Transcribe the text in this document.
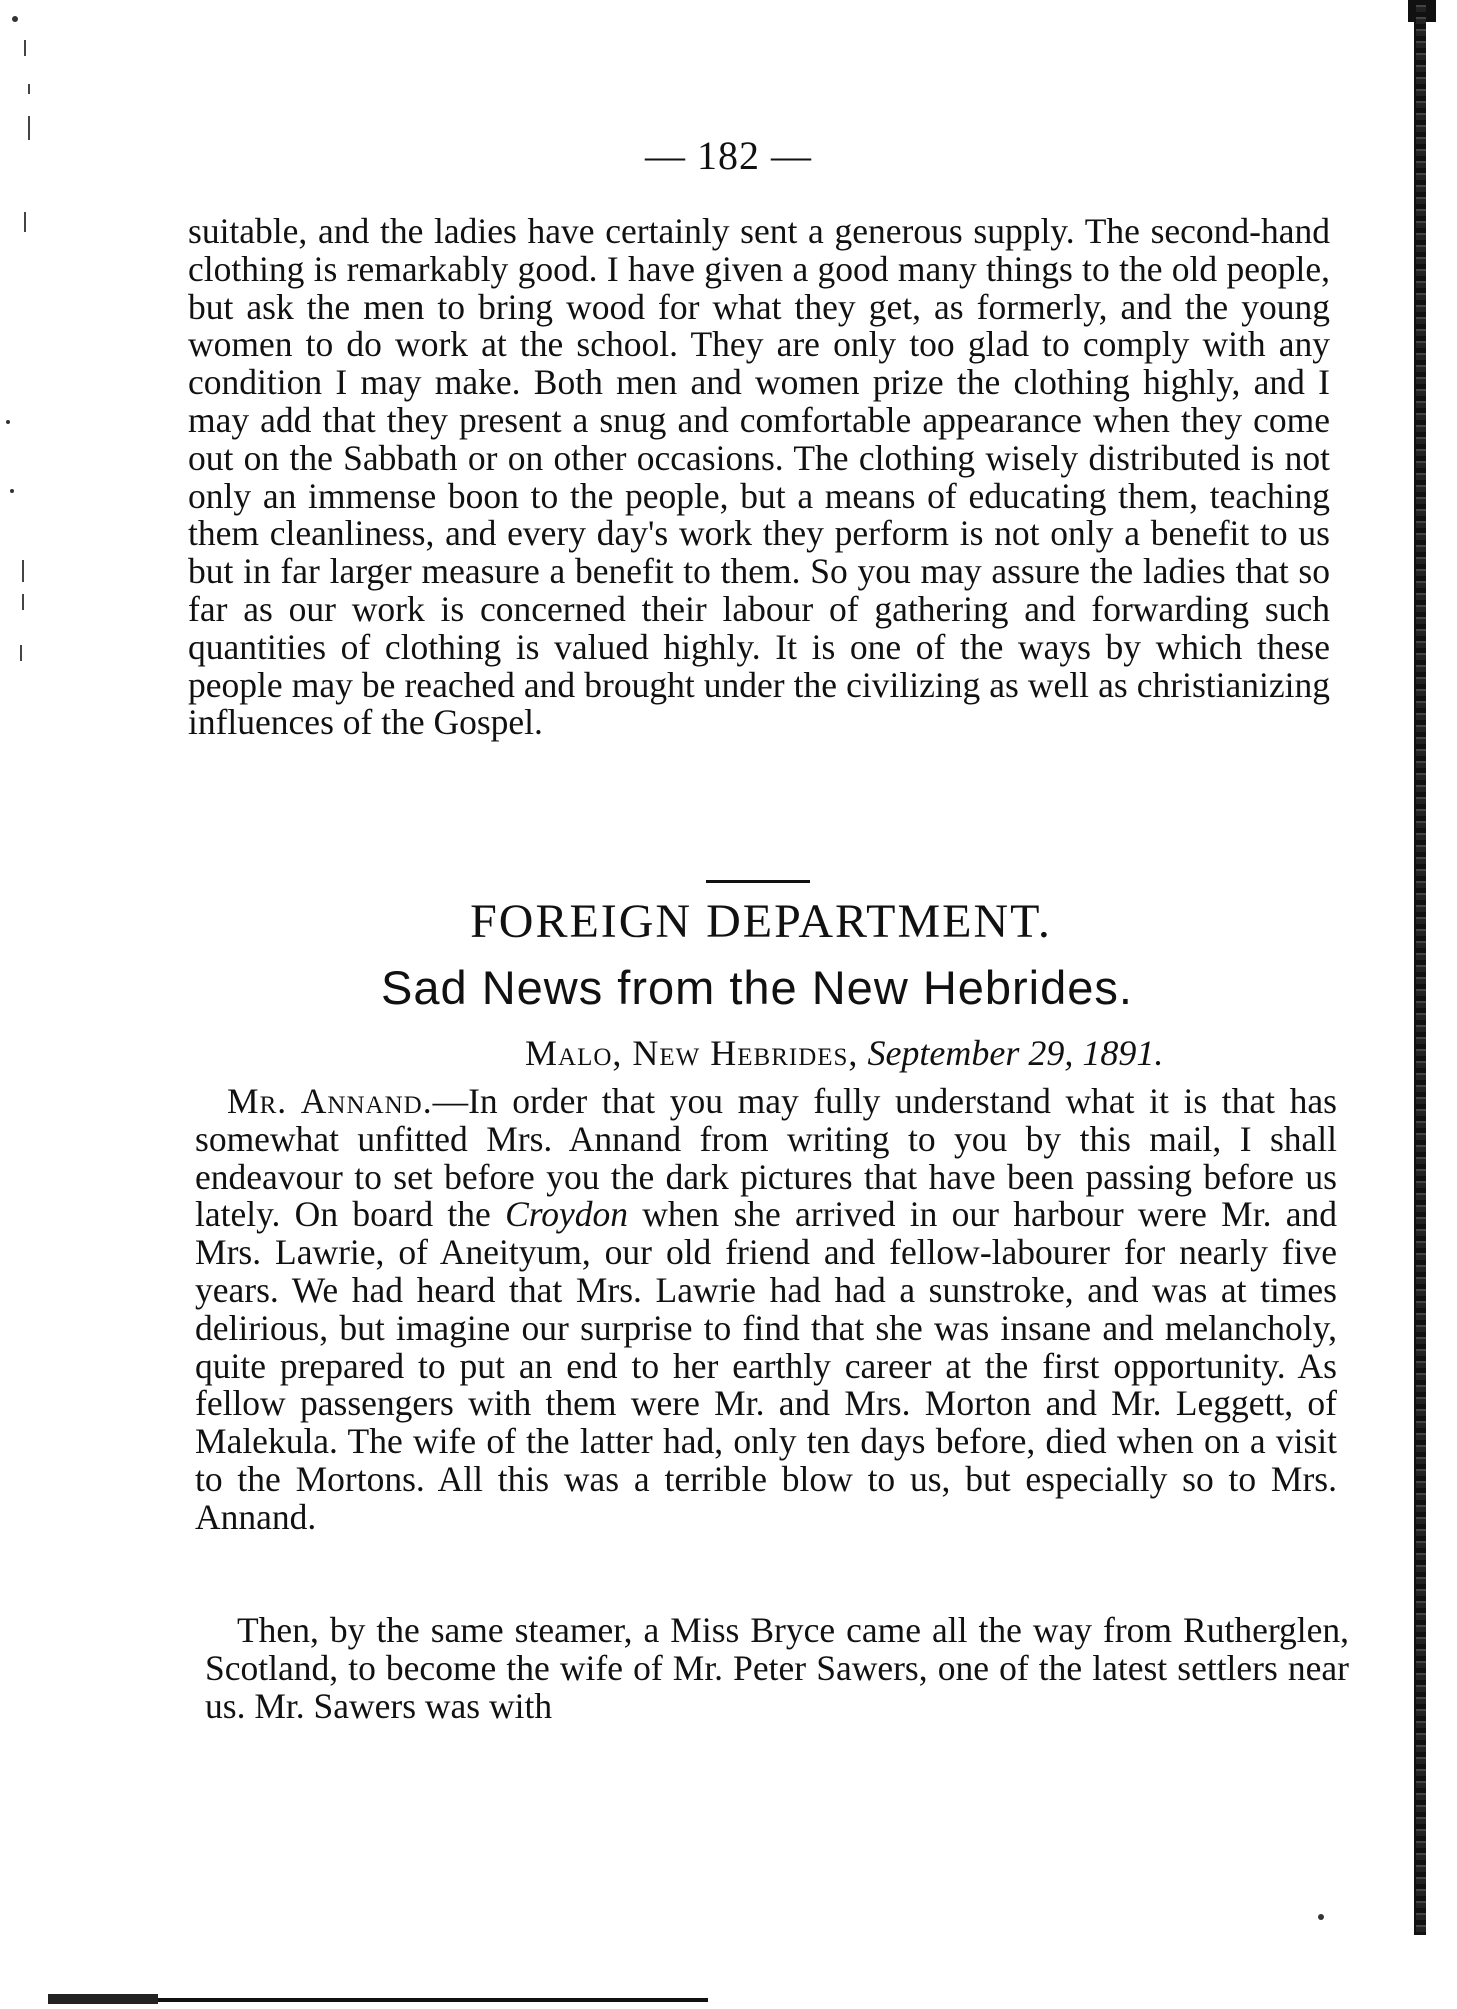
— 182 —

suitable, and the ladies have certainly sent a generous supply. The second-hand clothing is remarkably good. I have given a good many things to the old people, but ask the men to bring wood for what they get, as formerly, and the young women to do work at the school. They are only too glad to comply with any condition I may make. Both men and women prize the clothing highly, and I may add that they present a snug and comfortable appearance when they come out on the Sabbath or on other occasions. The clothing wisely distributed is not only an immense boon to the people, but a means of educating them, teaching them cleanliness, and every day's work they perform is not only a benefit to us but in far larger measure a benefit to them. So you may assure the ladies that so far as our work is concerned their labour of gathering and forwarding such quantities of clothing is valued highly. It is one of the ways by which these people may be reached and brought under the civilizing as well as christianizing influences of the Gospel.

FOREIGN DEPARTMENT.
Sad News from the New Hebrides.
Malo, New Hebrides, September 29, 1891.

Mr. Annand.—In order that you may fully understand what it is that has somewhat unfitted Mrs. Annand from writing to you by this mail, I shall endeavour to set before you the dark pictures that have been passing before us lately. On board the Croydon when she arrived in our harbour were Mr. and Mrs. Lawrie, of Aneityum, our old friend and fellow-labourer for nearly five years. We had heard that Mrs. Lawrie had had a sunstroke, and was at times delirious, but imagine our surprise to find that she was insane and melancholy, quite prepared to put an end to her earthly career at the first opportunity. As fellow passengers with them were Mr. and Mrs. Morton and Mr. Leggett, of Malekula. The wife of the latter had, only ten days before, died when on a visit to the Mortons. All this was a terrible blow to us, but especially so to Mrs. Annand.

Then, by the same steamer, a Miss Bryce came all the way from Rutherglen, Scotland, to become the wife of Mr. Peter Sawers, one of the latest settlers near us. Mr. Sawers was with
